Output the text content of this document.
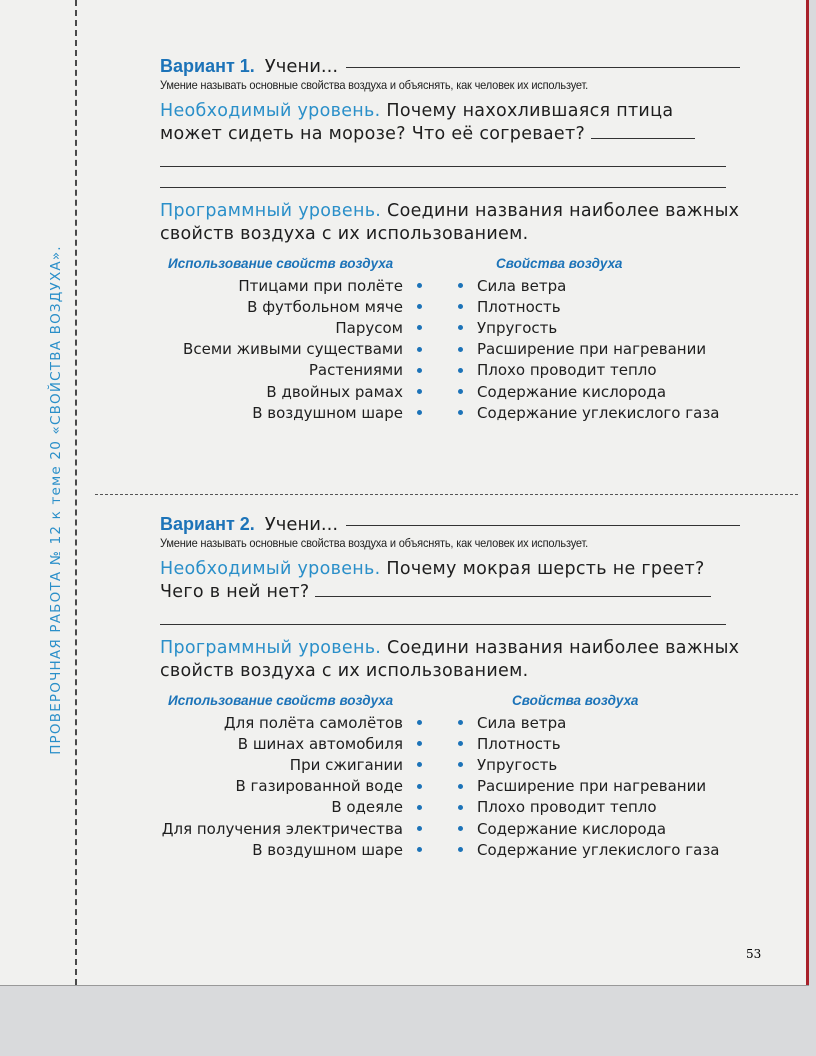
ПРОВЕРОЧНАЯ РАБОТА № 12 к теме 20 «СВОЙСТВА ВОЗДУХА».
Вариант 1. Учени...
Умение называть основные свойства воздуха и объяснять, как человек их использует.
Необходимый уровень. Почему нахохлившаяся птица
может сидеть на морозе? Что её согревает?
Программный уровень. Соедини названия наиболее важных
свойств воздуха с их использованием.
Использование свойств воздуха	Свойства воздуха
Птицами при полёте
В футбольном мяче
Парусом
Всеми живыми существами
Растениями
В двойных рамах
В воздушном шаре
Сила ветра
Плотность
Упругость
Расширение при нагревании
Плохо проводит тепло
Содержание кислорода
Содержание углекислого газа
Вариант 2. Учени...
Умение называть основные свойства воздуха и объяснять, как человек их использует.
Необходимый уровень. Почему мокрая шерсть не греет?
Чего в ней нет?
Программный уровень. Соедини названия наиболее важных
свойств воздуха с их использованием.
Использование свойств воздуха	Свойства воздуха
Для полёта самолётов
В шинах автомобиля
При сжигании
В газированной воде
В одеяле
Для получения электричества
В воздушном шаре
Сила ветра
Плотность
Упругость
Расширение при нагревании
Плохо проводит тепло
Содержание кислорода
Содержание углекислого газа
53
